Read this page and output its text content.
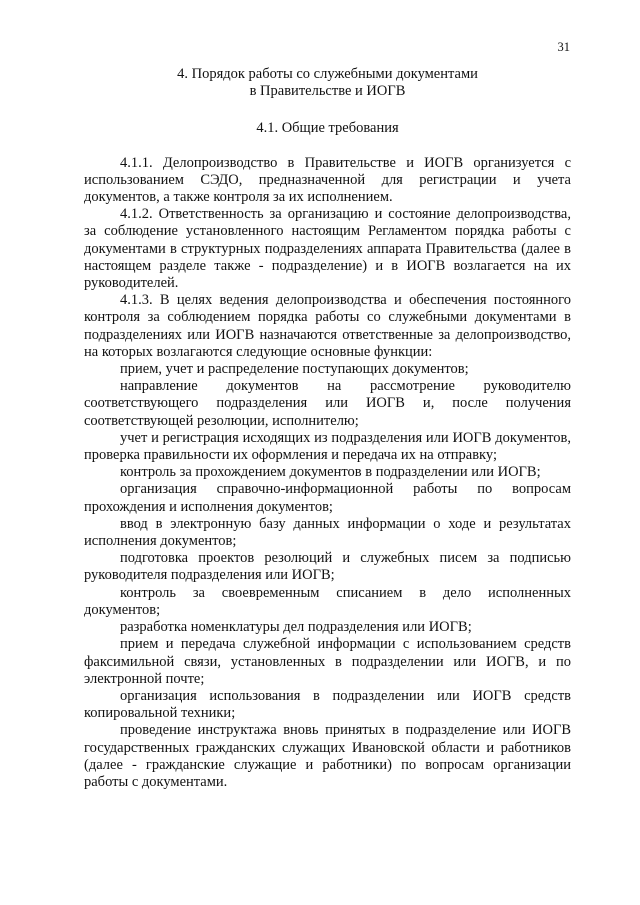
31
4. Порядок работы со служебными документами
в Правительстве и ИОГВ
4.1. Общие требования

4.1.1. Делопроизводство в Правительстве и ИОГВ организуется с использованием СЭДО, предназначенной для регистрации и учета документов, а также контроля за их исполнением.

4.1.2. Ответственность за организацию и состояние делопроизводства, за соблюдение установленного настоящим Регламентом порядка работы с документами в структурных подразделениях аппарата Правительства (далее в настоящем разделе также - подразделение) и в ИОГВ возлагается на их руководителей.

4.1.3. В целях ведения делопроизводства и обеспечения постоянного контроля за соблюдением порядка работы со служебными документами в подразделениях или ИОГВ назначаются ответственные за делопроизводство, на которых возлагаются следующие основные функции:

прием, учет и распределение поступающих документов;

направление документов на рассмотрение руководителю соответствующего подразделения или ИОГВ и, после получения соответствующей резолюции, исполнителю;

учет и регистрация исходящих из подразделения или ИОГВ документов, проверка правильности их оформления и передача их на отправку;

контроль за прохождением документов в подразделении или ИОГВ;

организация справочно-информационной работы по вопросам прохождения и исполнения документов;

ввод в электронную базу данных информации о ходе и результатах исполнения документов;

подготовка проектов резолюций и служебных писем за подписью руководителя подразделения или ИОГВ;

контроль за своевременным списанием в дело исполненных документов;

разработка номенклатуры дел подразделения или ИОГВ;

прием и передача служебной информации с использованием средств факсимильной связи, установленных в подразделении или ИОГВ, и по электронной почте;

организация использования в подразделении или ИОГВ средств копировальной техники;

проведение инструктажа вновь принятых в подразделение или ИОГВ государственных гражданских служащих Ивановской области и работников (далее - гражданские служащие и работники) по вопросам организации работы с документами.
